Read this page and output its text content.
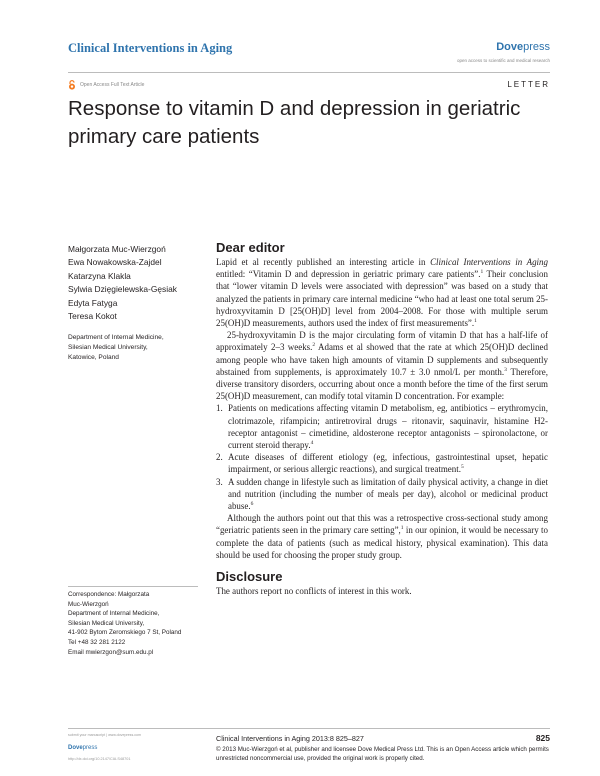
Clinical Interventions in Aging	Dovepress
open access to scientific and medical research
Open Access Full Text Article	LETTER
Response to vitamin D and depression in geriatric primary care patients
Małgorzata Muc-Wierzgoń
Ewa Nowakowska-Zajdel
Katarzyna Klakla
Sylwia Dzięgielewska-Gęsiak
Edyta Fatyga
Teresa Kokot
Department of Internal Medicine,
Silesian Medical University,
Katowice, Poland
Correspondence: Małgorzata
Muc-Wierzgoń
Department of Internal Medicine,
Silesian Medical University,
41-902 Bytom Zeromskiego 7 St, Poland
Tel +48 32 281 2122
Email mwierzgon@sum.edu.pl
Dear editor

Lapid et al recently published an interesting article in Clinical Interventions in Aging entitled: “Vitamin D and depression in geriatric primary care patients”.$^1$ Their conclusion that “lower vitamin D levels were associated with depression” was based on a study that analyzed the patients in primary care internal medicine “who had at least one total serum 25-hydroxyvitamin D [25(OH)D] level from 2004–2008. For those with multiple serum 25(OH)D measurements, authors used the index of first measurements”.$^1$

25-hydroxyvitamin D is the major circulating form of vitamin D that has a half-life of approximately 2–3 weeks.$^2$ Adams et al showed that the rate at which 25(OH)D declined among people who have taken high amounts of vitamin D supplements and subsequently abstained from supplements, is approximately 10.7 ± 3.0 nmol/L per month.$^3$ Therefore, diverse transitory disorders, occurring about once a month before the time of the first serum 25(OH)D measurement, can modify total vitamin D concentration. For example:

1. Patients on medications affecting vitamin D metabolism, eg, antibiotics – erythromycin, clotrimazole, rifampicin; antiretroviral drugs – ritonavir, saquinavir, histamine H2-receptor antagonist – cimetidine, aldosterone receptor antagonists – spironolactone, or current steroid therapy.$^4$
2. Acute diseases of different etiology (eg, infectious, gastrointestinal upset, hepatic impairment, or serious allergic reactions), and surgical treatment.$^5$
3. A sudden change in lifestyle such as limitation of daily physical activity, a change in diet and nutrition (including the number of meals per day), alcohol or medicinal product abuse.$^6$

Although the authors point out that this was a retrospective cross-sectional study among “geriatric patients seen in the primary care setting”,$^1$ in our opinion, it would be necessary to complete the data of patients (such as medical history, physical examination). This data should be used for choosing the proper study group.

Disclosure

The authors report no conflicts of interest in this work.

submit your manuscript | www.dovepress.com
Dovepress
http://dx.doi.org/10.2147/CIA.S48701
Clinical Interventions in Aging 2013:8 825–827	825
© 2013 Muc-Wierzgoń et al, publisher and licensee Dove Medical Press Ltd. This is an Open Access article which permits unrestricted noncommercial use, provided the original work is properly cited.
